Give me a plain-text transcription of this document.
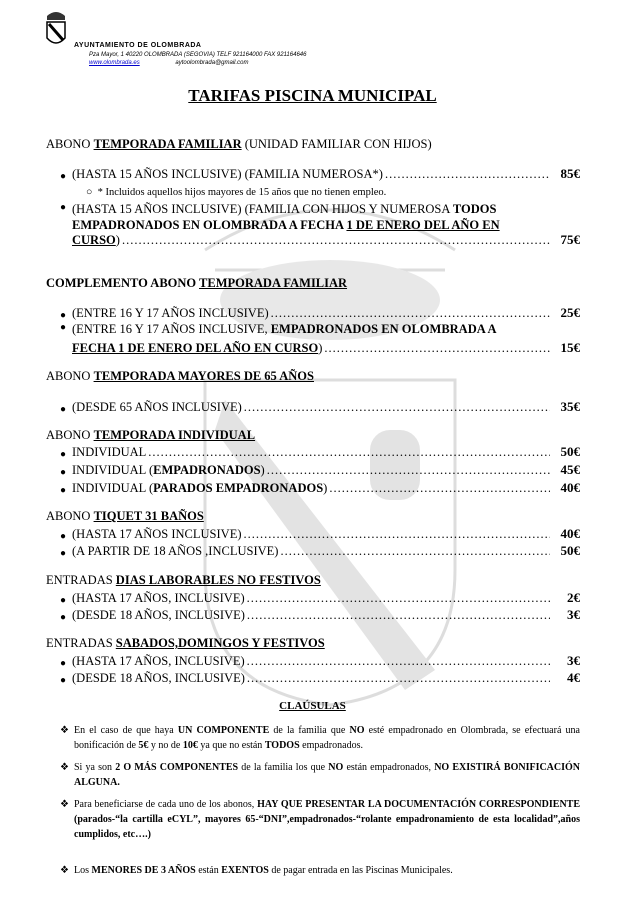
AYUNTAMIENTO DE OLOMBRADA
Pza Mayor, 1 40220 OLOMBRADA (SEGOVIA) TELF 921164000 FAX 921164646
www.olombrada.es	aytoolombrada@gmail.com
TARIFAS PISCINA MUNICIPAL
ABONO TEMPORADA FAMILIAR (UNIDAD FAMILIAR CON HIJOS)
● (HASTA 15 AÑOS INCLUSIVE) (FAMILIA NUMEROSA*) .....	85€
○  * Incluidos aquellos hijos mayores de 15 años que no tienen empleo.
● (HASTA 15 AÑOS INCLUSIVE) (FAMILIA CON HIJOS Y NUMEROSA TODOS
EMPADRONADOS EN OLOMBRADA A FECHA 1 DE ENERO DEL AÑO EN
CURSO) .....	75€
COMPLEMENTO ABONO TEMPORADA FAMILIAR
● (ENTRE 16 Y 17 AÑOS INCLUSIVE) .....	25€
● (ENTRE 16 Y 17 AÑOS INCLUSIVE, EMPADRONADOS EN OLOMBRADA A
FECHA 1 DE ENERO DEL AÑO EN CURSO) .....	15€
ABONO TEMPORADA MAYORES DE 65 AÑOS
● (DESDE 65 AÑOS INCLUSIVE) .....	35€
ABONO TEMPORADA INDIVIDUAL
● INDIVIDUAL .....	50€
● INDIVIDUAL (EMPADRONADOS) .....	45€
● INDIVIDUAL (PARADOS EMPADRONADOS) .....	40€
ABONO TIQUET 31 BAÑOS
● (HASTA 17 AÑOS INCLUSIVE) .....	40€
● (A PARTIR DE 18 AÑOS ,INCLUSIVE) .....	50€
ENTRADAS DIAS LABORABLES NO FESTIVOS
● (HASTA 17 AÑOS, INCLUSIVE) .....	2€
● (DESDE 18 AÑOS, INCLUSIVE) .....	3€
ENTRADAS SABADOS,DOMINGOS Y FESTIVOS
● (HASTA 17 AÑOS, INCLUSIVE) .....	3€
● (DESDE 18 AÑOS, INCLUSIVE) .....	4€
CLAÚSULAS
❖ En el caso de que haya UN COMPONENTE de la familia que NO esté empadronado en Olombrada, se efectuará una bonificación de 5€ y no de 10€ ya que no están TODOS empadronados.

❖ Si ya son 2 O MÁS COMPONENTES de la familia los que NO están empadronados, NO EXISTIRÁ BONIFICACIÓN ALGUNA.

❖ Para beneficiarse de cada uno de los abonos, HAY QUE PRESENTAR LA DOCUMENTACIÓN CORRESPONDIENTE (parados-“la cartilla eCYL”, mayores 65-“DNI”,empadronados-“rolante empadronamiento de esta localidad”,años cumplidos, etc….)

❖ Los MENORES DE 3 AÑOS están EXENTOS de pagar entrada en las Piscinas Municipales.
